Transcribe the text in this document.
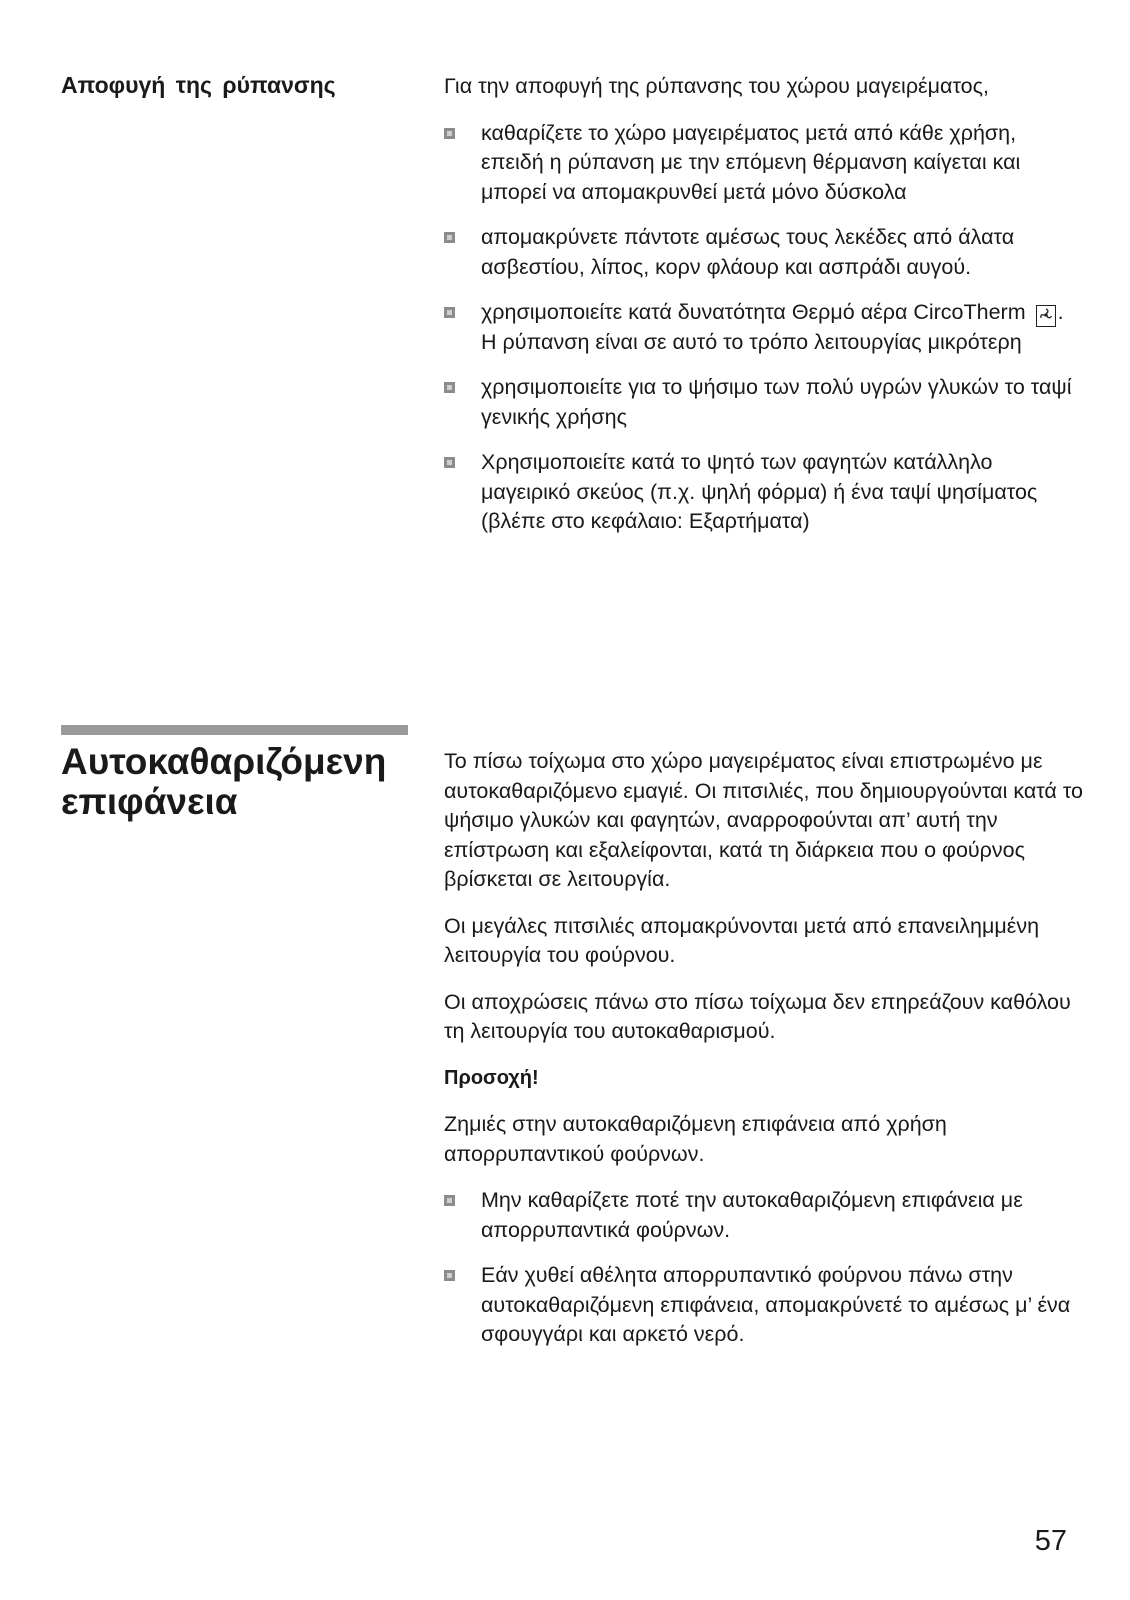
Αποφυγή της ρύπανσης	Για την αποφυγή της ρύπανσης του χώρου μαγειρέματος,

καθαρίζετε το χώρο μαγειρέματος μετά από κάθε χρήση, επειδή η ρύπανση με την επόμενη θέρμανση καίγεται και μπορεί να απομακρυνθεί μετά μόνο δύσκολα
απομακρύνετε πάντοτε αμέσως τους λεκέδες από άλατα ασβεστίου, λίπος, κορν φλάουρ και ασπράδι αυγού.
χρησιμοποιείτε κατά δυνατότητα Θερμό αέρα CircoTherm . Η ρύπανση είναι σε αυτό το τρόπο λειτουργίας μικρότερη
χρησιμοποιείτε για το ψήσιμο των πολύ υγρών γλυκών το ταψί γενικής χρήσης
Χρησιμοποιείτε κατά το ψητό των φαγητών κατάλληλο μαγειρικό σκεύος (π.χ. ψηλή φόρμα) ή ένα ταψί ψησίματος (βλέπε στο κεφάλαιο: Εξαρτήματα)
Αυτοκαθαριζόμενη επιφάνεια

Το πίσω τοίχωμα στο χώρο μαγειρέματος είναι επιστρωμένο με αυτοκαθαριζόμενο εμαγιέ. Οι πιτσιλιές, που δημιουργούνται κατά το ψήσιμο γλυκών και φαγητών, αναρροφούνται απ’ αυτή την επίστρωση και εξαλείφονται, κατά τη διάρκεια που ο φούρνος βρίσκεται σε λειτουργία.

Οι μεγάλες πιτσιλιές απομακρύνονται μετά από επανειλημμένη λειτουργία του φούρνου.

Οι αποχρώσεις πάνω στο πίσω τοίχωμα δεν επηρεάζουν καθόλου τη λειτουργία του αυτοκαθαρισμού.

Προσοχή!

Ζημιές στην αυτοκαθαριζόμενη επιφάνεια από χρήση απορρυπαντικού φούρνων.

Μην καθαρίζετε ποτέ την αυτοκαθαριζόμενη επιφάνεια με απορρυπαντικά φούρνων.
Εάν χυθεί αθέλητα απορρυπαντικό φούρνου πάνω στην αυτοκαθαριζόμενη επιφάνεια, απομακρύνετέ το αμέσως μ’ ένα σφουγγάρι και αρκετό νερό.
57
